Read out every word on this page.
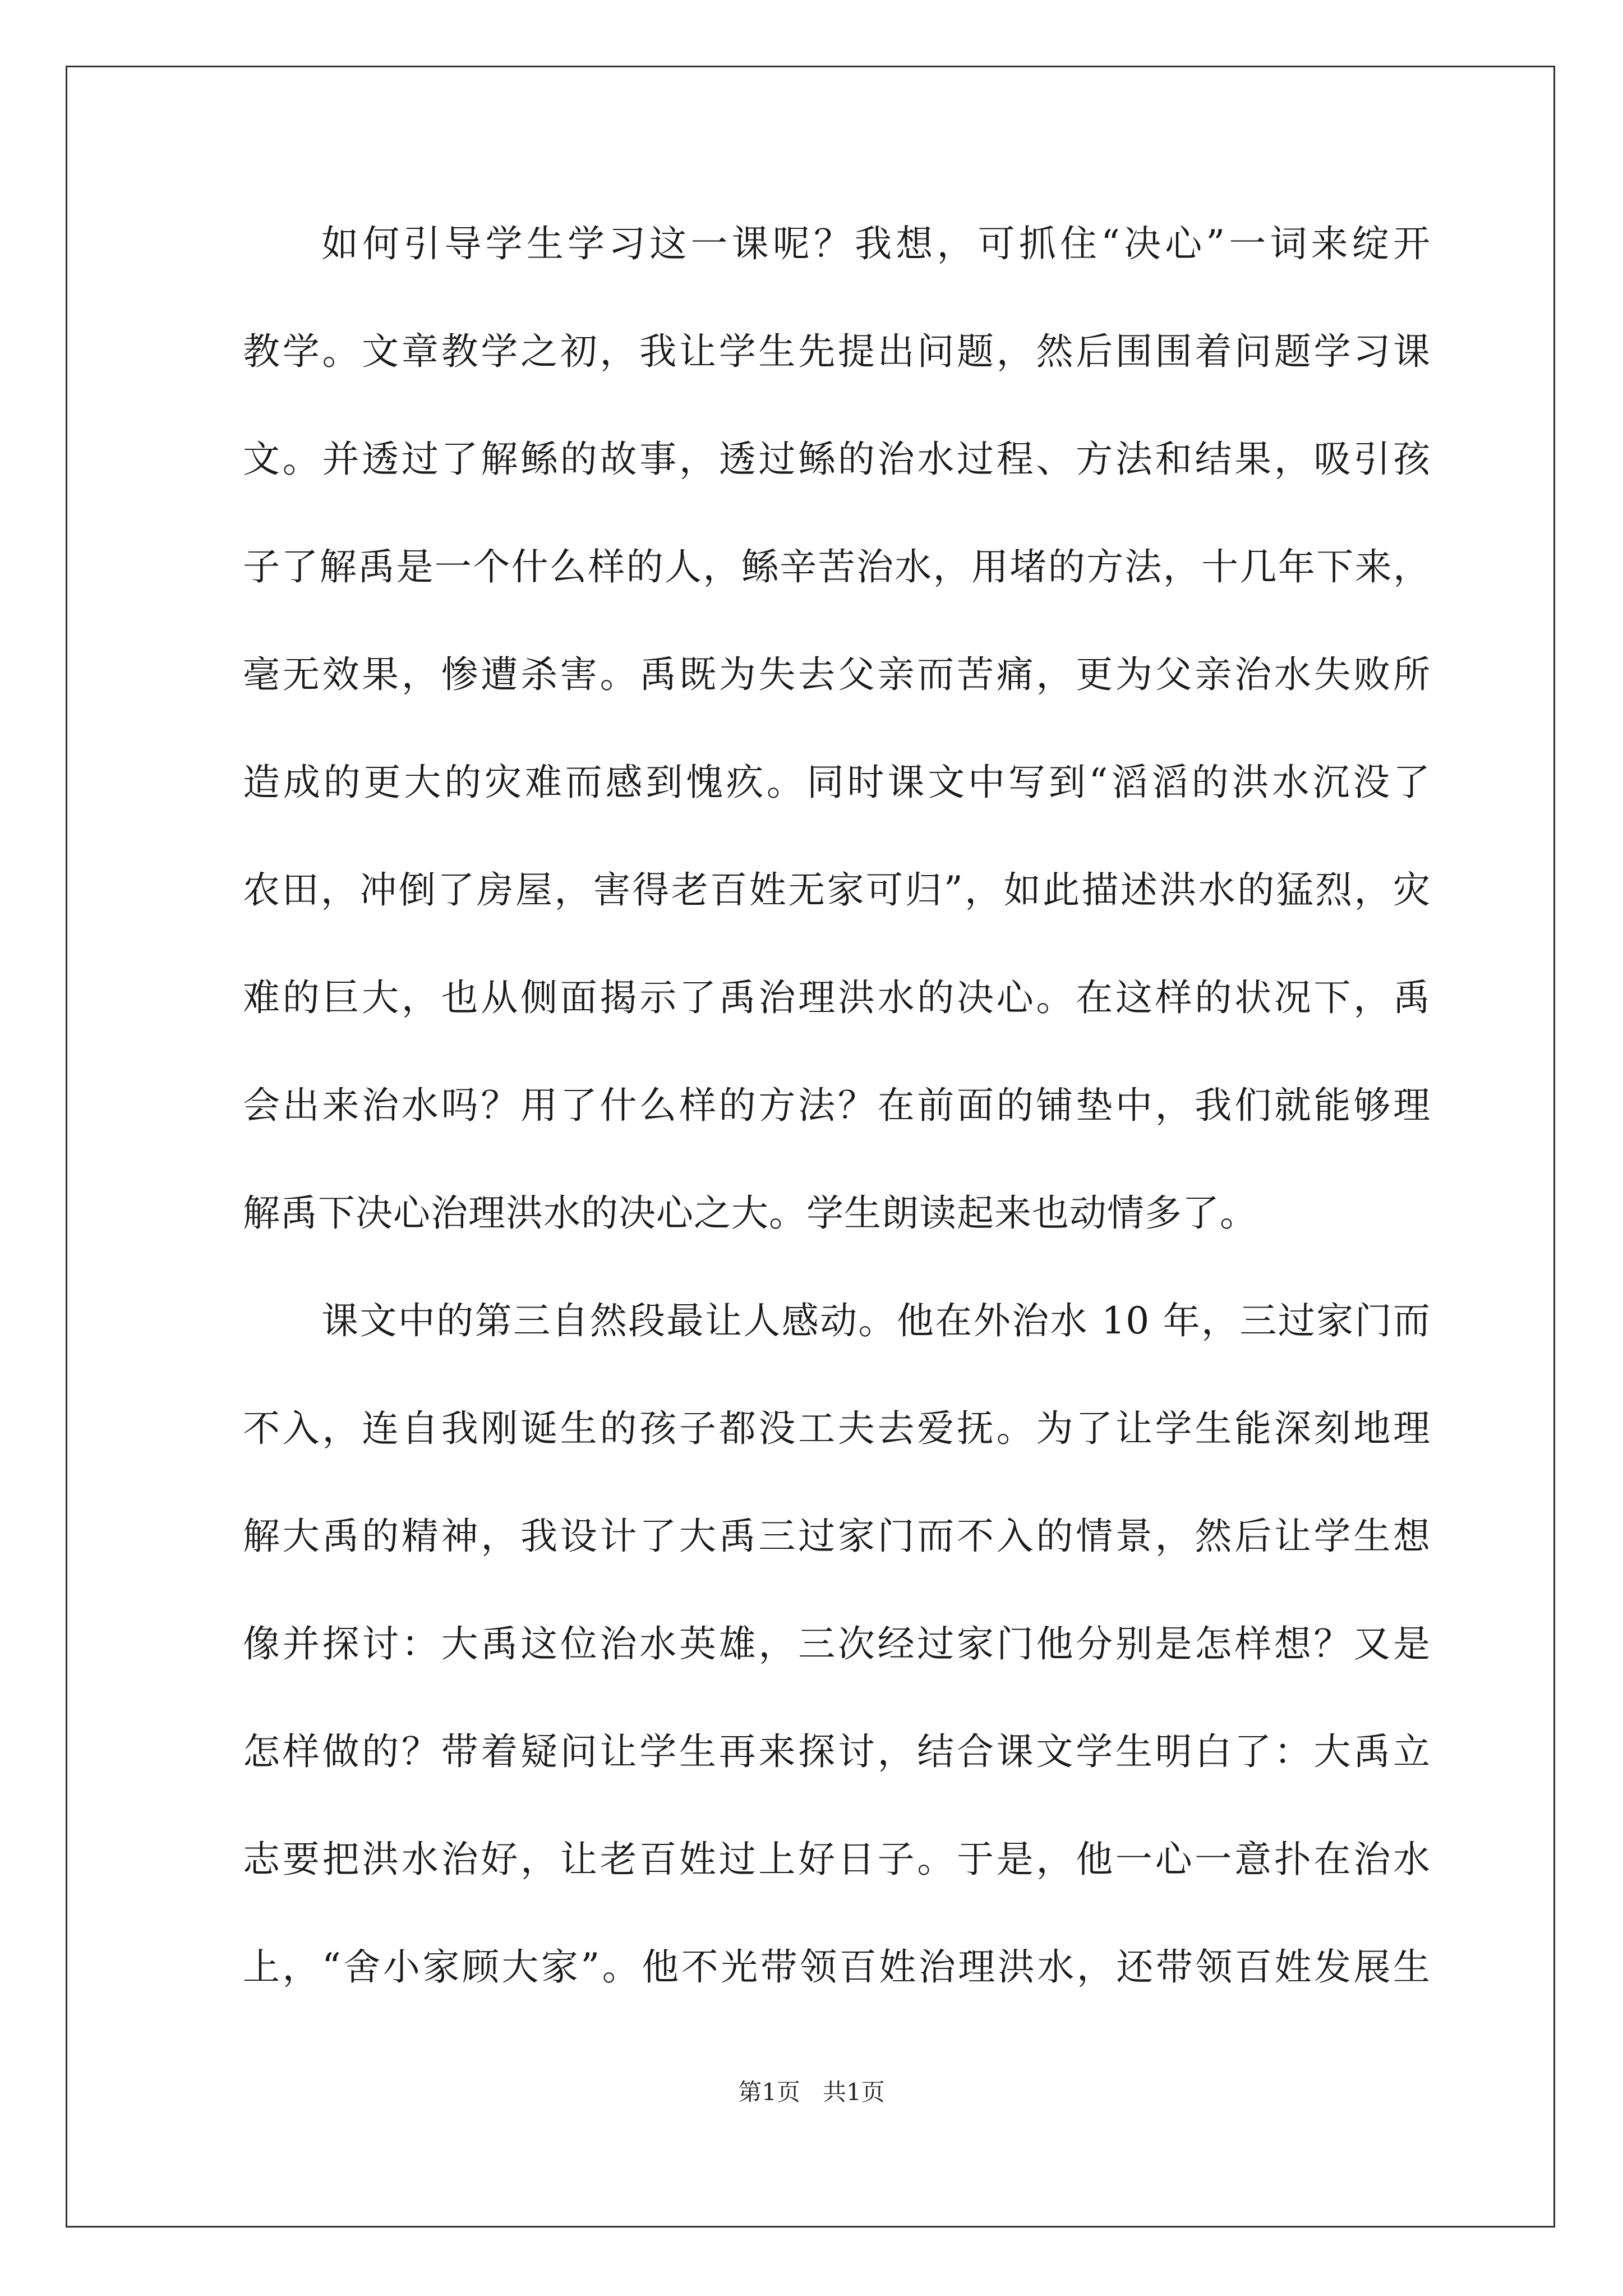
如何引导学生学习这一课呢？我想，可抓住“决心”一词来绽开
教学。文章教学之初，我让学生先提出问题，然后围围着问题学习课
文。并透过了解鲧的故事，透过鲧的治水过程、方法和结果，吸引孩
子了解禹是一个什么样的人，鲧辛苦治水，用堵的方法，十几年下来，
毫无效果，惨遭杀害。禹既为失去父亲而苦痛，更为父亲治水失败所
造成的更大的灾难而感到愧疚。同时课文中写到“滔滔的洪水沉没了
农田，冲倒了房屋，害得老百姓无家可归”，如此描述洪水的猛烈，灾
难的巨大，也从侧面揭示了禹治理洪水的决心。在这样的状况下，禹
会出来治水吗？用了什么样的方法？在前面的铺垫中，我们就能够理
解禹下决心治理洪水的决心之大。学生朗读起来也动情多了。
课文中的第三自然段最让人感动。他在外治水 10 年，三过家门而
不入，连自我刚诞生的孩子都没工夫去爱抚。为了让学生能深刻地理
解大禹的精神，我设计了大禹三过家门而不入的情景，然后让学生想
像并探讨：大禹这位治水英雄，三次经过家门他分别是怎样想？又是
怎样做的？带着疑问让学生再来探讨，结合课文学生明白了：大禹立
志要把洪水治好，让老百姓过上好日子。于是，他一心一意扑在治水
上，“舍小家顾大家”。他不光带领百姓治理洪水，还带领百姓发展生
第1页   共1页
